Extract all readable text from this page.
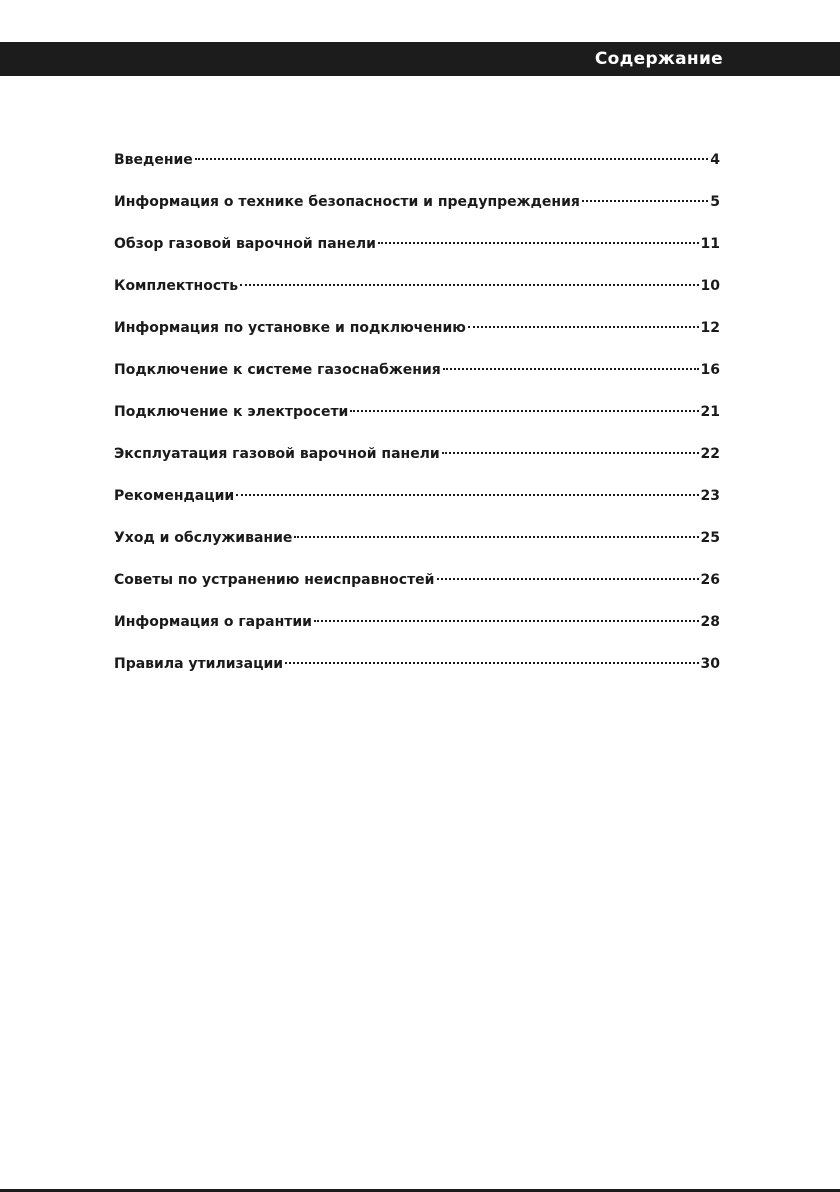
Содержание
Введение	4
Информация о технике безопасности и предупреждения	5
Обзор газовой варочной панели	11
Комплектность	10
Информация по установке и подключению	12
Подключение к системе газоснабжения	16
Подключение к электросети	21
Эксплуатация газовой варочной панели	22
Рекомендации	23
Уход и обслуживание	25
Советы по устранению неисправностей	26
Информация о гарантии	28
Правила утилизации	30
